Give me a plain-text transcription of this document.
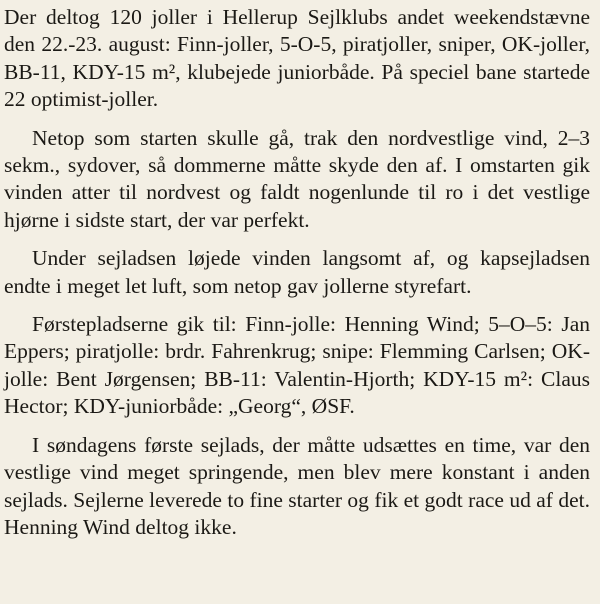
Der deltog 120 joller i Hellerup Sejlklubs andet weekendstævne den 22.-23. august: Finn-joller, 5-O-5, piratjoller, sniper, OK-joller, BB-11, KDY-15 m², klubejede juniorbåde. På speciel bane startede 22 optimist-joller.

Netop som starten skulle gå, trak den nordvestlige vind, 2–3 sekm., sydover, så dommerne måtte skyde den af. I omstarten gik vinden atter til nordvest og faldt nogenlunde til ro i det vestlige hjørne i sidste start, der var perfekt.

Under sejladsen løjede vinden langsomt af, og kapsejladsen endte i meget let luft, som netop gav jollerne styrefart.

Førstepladserne gik til: Finn-jolle: Henning Wind; 5–O–5: Jan Eppers; piratjolle: brdr. Fahrenkrug; snipe: Flemming Carlsen; OK-jolle: Bent Jørgensen; BB-11: Valentin-Hjorth; KDY-15 m²: Claus Hector; KDY-juniorbåde: „Georg“, ØSF.

I søndagens første sejlads, der måtte udsættes en time, var den vestlige vind meget springende, men blev mere konstant i anden sejlads. Sejlerne leverede to fine starter og fik et godt race ud af det. Henning Wind deltog ikke.
